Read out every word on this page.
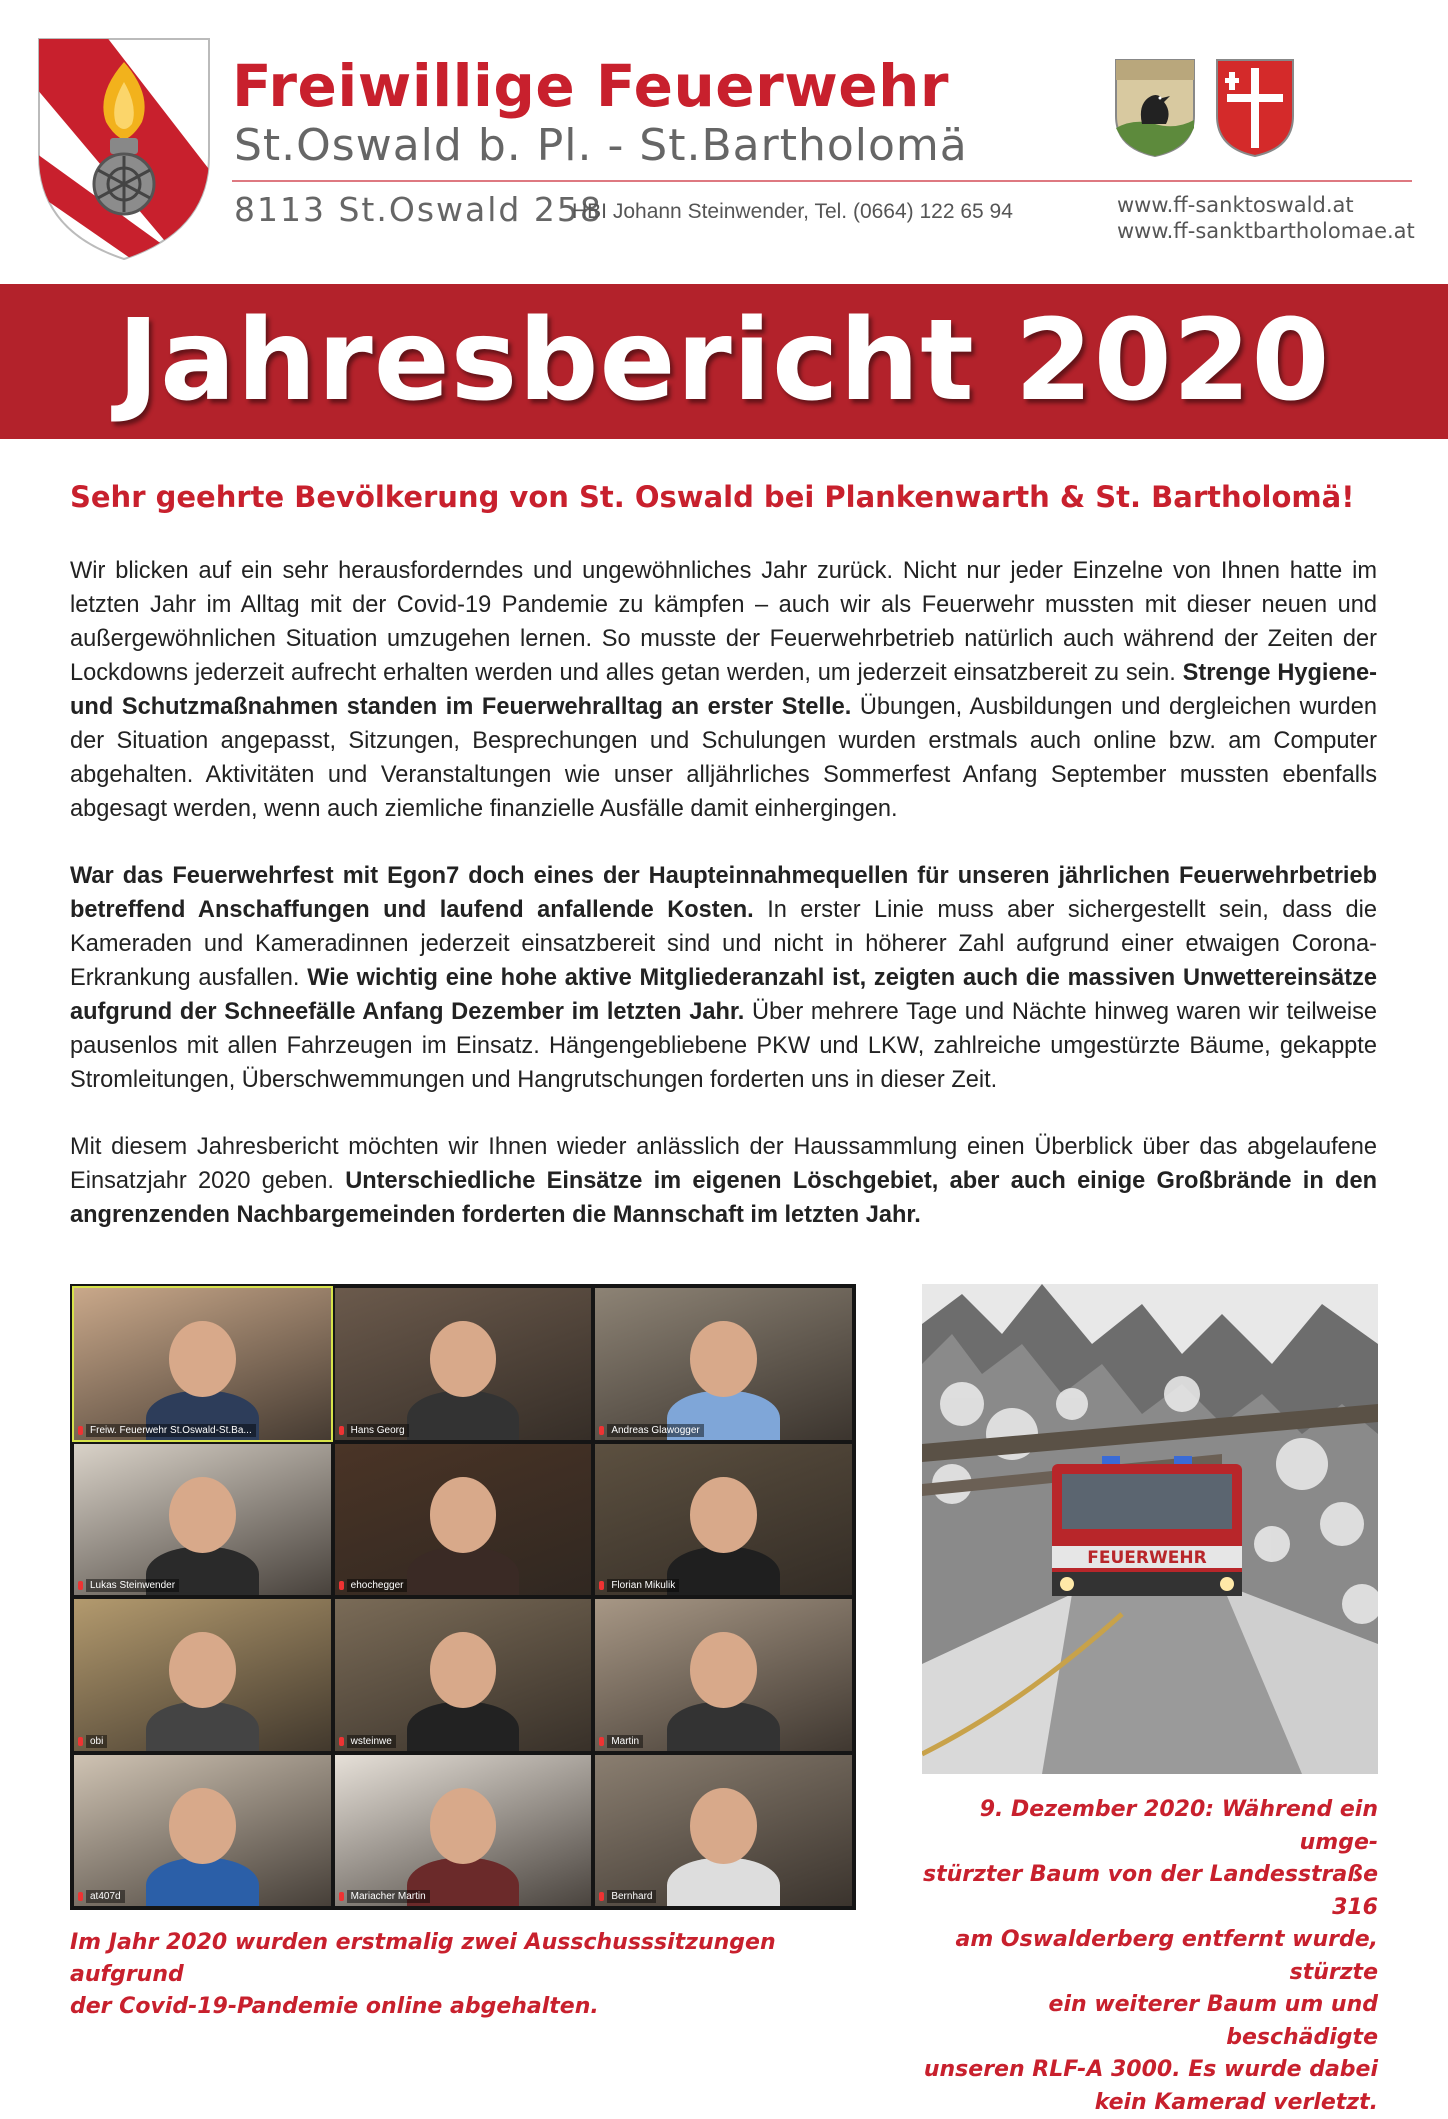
Freiwillige Feuerwehr
St.Oswald b. Pl. - St.Bartholomä
8113 St.Oswald 258
HBI Johann Steinwender, Tel. (0664) 122 65 94	www.ff-sanktoswald.at
www.ff-sanktbartholomae.at
Jahresbericht 2020
Sehr geehrte Bevölkerung von St. Oswald bei Plankenwarth & St. Bartholomä!

Wir blicken auf ein sehr herausforderndes und ungewöhnliches Jahr zurück. Nicht nur jeder Einzelne von Ihnen hatte im letzten Jahr im Alltag mit der Covid-19 Pandemie zu kämpfen – auch wir als Feuerwehr mussten mit dieser neuen und außergewöhnlichen Situation umzugehen lernen. So musste der Feuerwehrbetrieb natürlich auch während der Zeiten der Lockdowns jederzeit aufrecht erhalten werden und alles getan werden, um jederzeit einsatzbereit zu sein. Strenge Hygiene- und Schutzmaßnahmen standen im Feuerwehralltag an erster Stelle. Übungen, Ausbildungen und dergleichen wurden der Situation angepasst, Sitzungen, Besprechungen und Schulungen wurden erstmals auch online bzw. am Computer abgehalten. Aktivitäten und Veranstaltungen wie unser alljährliches Sommerfest Anfang September mussten ebenfalls abgesagt werden, wenn auch ziemliche finanzielle Ausfälle damit einhergingen.

War das Feuerwehrfest mit Egon7 doch eines der Haupteinnahmequellen für unseren jährlichen Feuerwehrbetrieb betreffend Anschaffungen und laufend anfallende Kosten. In erster Linie muss aber sichergestellt sein, dass die Kameraden und Kameradinnen jederzeit einsatzbereit sind und nicht in höherer Zahl aufgrund einer etwaigen Corona-Erkrankung ausfallen. Wie wichtig eine hohe aktive Mitgliederanzahl ist, zeigten auch die massiven Unwettereinsätze aufgrund der Schneefälle Anfang Dezember im letzten Jahr. Über mehrere Tage und Nächte hinweg waren wir teilweise pausenlos mit allen Fahrzeugen im Einsatz. Hängengebliebene PKW und LKW, zahlreiche umgestürzte Bäume, gekappte Stromleitungen, Überschwemmungen und Hangrutschungen forderten uns in dieser Zeit.

Mit diesem Jahresbericht möchten wir Ihnen wieder anlässlich der Haussammlung einen Überblick über das abgelaufene Einsatzjahr 2020 geben. Unterschiedliche Einsätze im eigenen Löschgebiet, aber auch einige Großbrände in den angrenzenden Nachbargemeinden forderten die Mannschaft im letzten Jahr.

Freiw. Feuerwehr St.Oswald-St.Ba...	Hans Georg	Andreas Glawogger
Lukas Steinwender	ehochegger	Florian Mikulik
obi	wsteinwe	Martin
at407d	Mariacher Martin	Bernhard
FEUERWEHR
Im Jahr 2020 wurden erstmalig zwei Ausschusssitzungen aufgrund
der Covid-19-Pandemie online abgehalten.
9. Dezember 2020: Während ein umge-
stürzter Baum von der Landesstraße 316
am Oswalderberg entfernt wurde, stürzte
ein weiterer Baum um und beschädigte
unseren RLF-A 3000. Es wurde dabei
kein Kamerad verletzt.
